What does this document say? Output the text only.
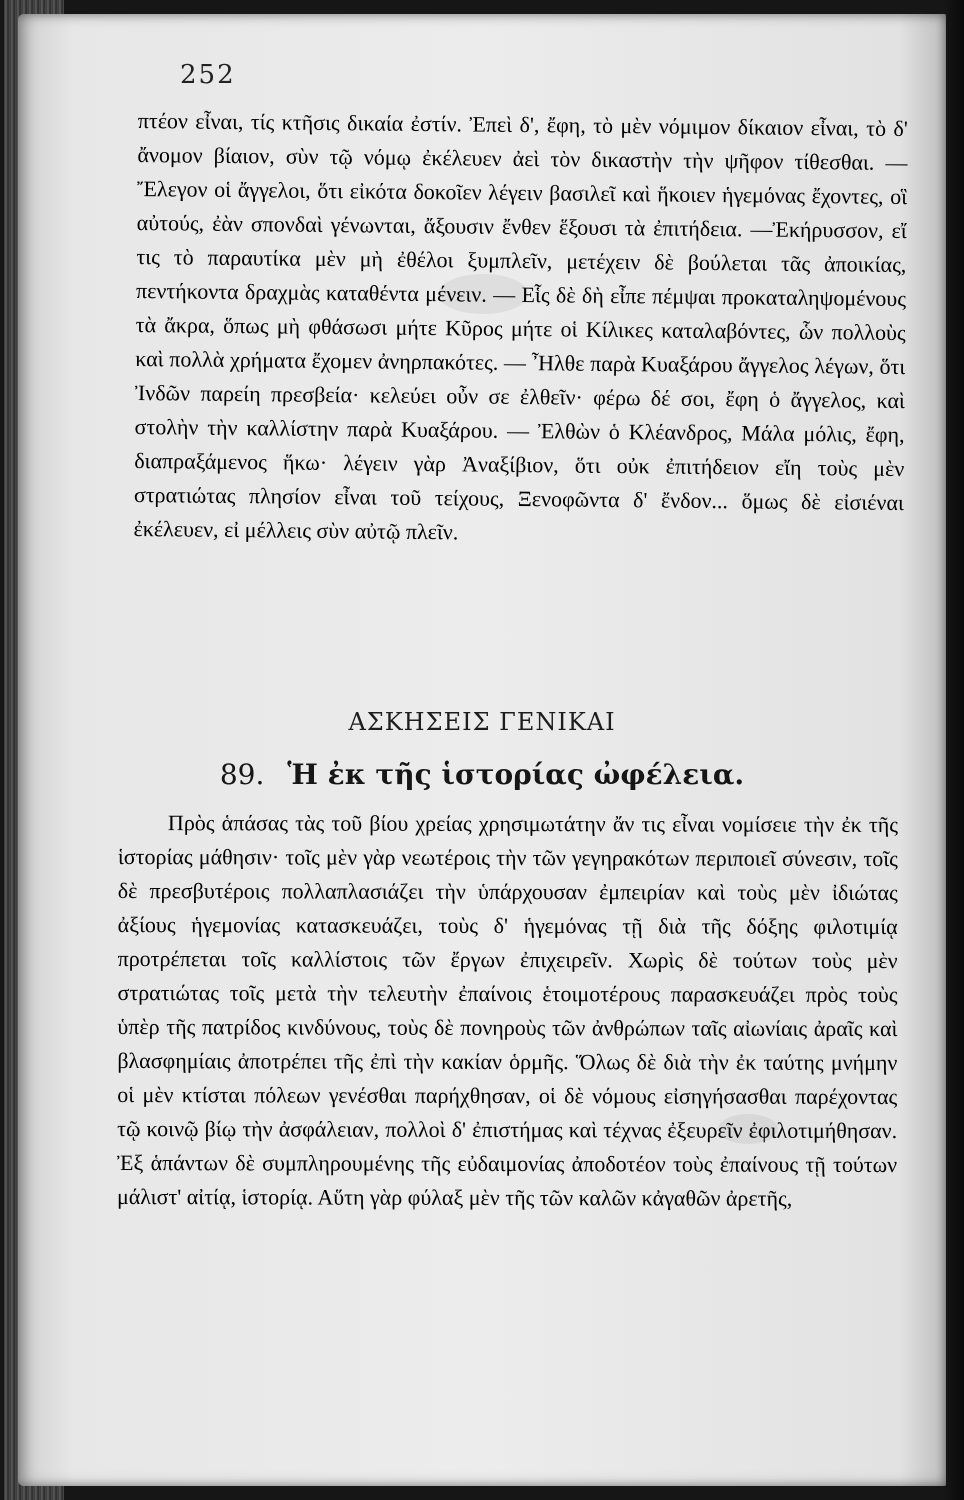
252

πτέον εἶναι, τίς κτῆσις δικαία ἐστίν. Ἐπεὶ δ', ἔφη, τὸ μὲν νόμιμον δίκαιον εἶναι, τὸ δ' ἄνομον βίαιον, σὺν τῷ νόμῳ ἐκέλευεν ἀεὶ τὸν δικαστὴν τὴν ψῆφον τίθεσθαι. —Ἔλεγον οἱ ἄγγελοι, ὅτι εἰκότα δοκοῖεν λέγειν βασιλεῖ καὶ ἥκοιεν ἡγεμόνας ἔχοντες, οἳ αὐτούς, ἐὰν σπονδαὶ γένωνται, ἄξουσιν ἔνθεν ἕξουσι τὰ ἐπιτήδεια. —Ἐκήρυσσον, εἴ τις τὸ παραυτίκα μὲν μὴ ἐθέλοι ξυμπλεῖν, μετέχειν δὲ βούλεται τᾶς ἀποικίας, πεντήκοντα δραχμὰς καταθέντα μένειν. — Εἷς δὲ δὴ εἶπε πέμψαι προκαταληψομένους τὰ ἄκρα, ὅπως μὴ φθάσωσι μήτε Κῦρος μήτε οἱ Κίλικες καταλαβόντες, ὧν πολλοὺς καὶ πολλὰ χρήματα ἔχομεν ἀνηρπακότες. — Ἦλθε παρὰ Κυαξάρου ἄγγελος λέγων, ὅτι Ἰνδῶν παρείη πρεσβεία· κελεύει οὖν σε ἐλθεῖν· φέρω δέ σοι, ἔφη ὁ ἄγγελος, καὶ στολὴν τὴν καλλίστην παρὰ Κυαξάρου. — Ἐλθὼν ὁ Κλέανδρος, Μάλα μόλις, ἔφη, διαπραξάμενος ἥκω· λέγειν γὰρ Ἀναξίβιον, ὅτι οὐκ ἐπιτήδειον εἴη τοὺς μὲν στρατιώτας πλησίον εἶναι τοῦ τείχους, Ξενοφῶντα δ' ἔνδον... ὅμως δὲ εἰσιέναι ἐκέλευεν, εἰ μέλλεις σὺν αὐτῷ πλεῖν.

ΑΣΚΗΣΕΙΣ ΓΕΝΙΚΑΙ
89. Ἡ ἐκ τῆς ἱστορίας ὠφέλεια.

Πρὸς ἁπάσας τὰς τοῦ βίου χρείας χρησιμωτάτην ἄν τις εἶναι νομίσειε τὴν ἐκ τῆς ἱστορίας μάθησιν· τοῖς μὲν γὰρ νεωτέροις τὴν τῶν γεγηρακότων περιποιεῖ σύνεσιν, τοῖς δὲ πρεσβυτέροις πολλαπλασιάζει τὴν ὑπάρχουσαν ἐμπειρίαν καὶ τοὺς μὲν ἰδιώτας ἀξίους ἡγεμονίας κατασκευάζει, τοὺς δ' ἡγεμόνας τῇ διὰ τῆς δόξης φιλοτιμίᾳ προτρέπεται τοῖς καλλίστοις τῶν ἔργων ἐπιχειρεῖν. Χωρὶς δὲ τούτων τοὺς μὲν στρατιώτας τοῖς μετὰ τὴν τελευτὴν ἐπαίνοις ἑτοιμοτέρους παρασκευάζει πρὸς τοὺς ὑπὲρ τῆς πατρίδος κινδύνους, τοὺς δὲ πονηροὺς τῶν ἀνθρώπων ταῖς αἰωνίαις ἀραῖς καὶ βλασφημίαις ἀποτρέπει τῆς ἐπὶ τὴν κακίαν ὁρμῆς. Ὅλως δὲ διὰ τὴν ἐκ ταύτης μνήμην οἱ μὲν κτίσται πόλεων γενέσθαι παρήχθησαν, οἱ δὲ νόμους εἰσηγήσασθαι παρέχοντας τῷ κοινῷ βίῳ τὴν ἀσφάλειαν, πολλοὶ δ' ἐπιστήμας καὶ τέχνας ἐξευρεῖν ἐφιλοτιμήθησαν. Ἐξ ἁπάντων δὲ συμπληρουμένης τῆς εὐδαιμονίας ἀποδοτέον τοὺς ἐπαίνους τῇ τούτων μάλιστ' αἰτίᾳ, ἱστορίᾳ. Αὕτη γὰρ φύλαξ μὲν τῆς τῶν καλῶν κἀγαθῶν ἀρετῆς,
